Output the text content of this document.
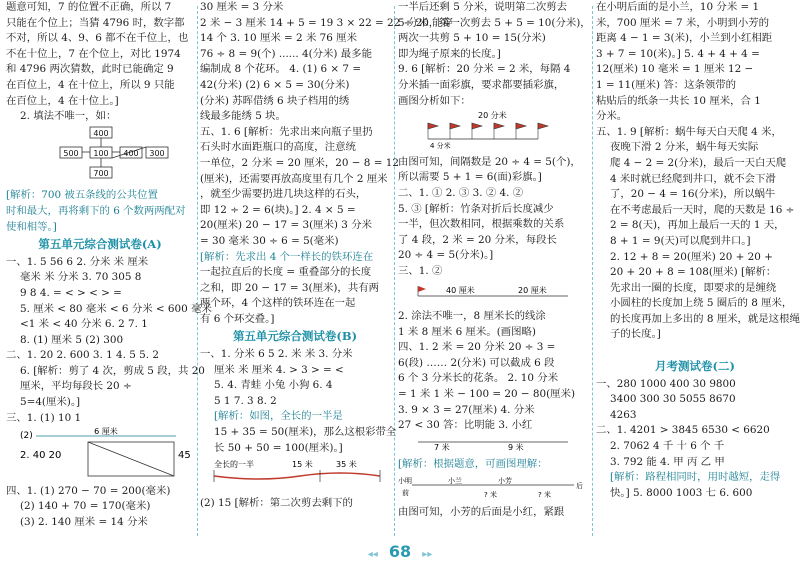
题意可知，7 的位置不正确，所以 7
只能在个位上；当猜 4796 时，数字都
不对，所以 4、9、6 都不在千位上，也
不在十位上，7 在个位上，对比 1974
和 4796 两次猜数，此时已能确定 9
在百位上，4 在十位上，所以 9 只能
在百位上，4 在十位上。]
2. 填法不唯一，如：
400
500 100 400 300
700
[解析：700 被五条线的公共位置
时和最大，再将剩下的 6 个数两两配对
使和相等。]
第五单元综合测试卷(A)
一、1. 5 56 6 2. 分米 米 厘米
毫米 米 分米 3. 70 305 8
9 8 4. = < > < > =
5. 厘米 < 80 毫米 < 6 分米 < 600 毫米
<1 米 < 40 分米 6. 2 7. 1
8. (1) 厘米 5 (2) 300
二、1. 20 2. 600 3. 1 4. 5 5. 2
6. [解析：剪了 4 次，剪成 5 段，共 20
厘米，平均每段长 20 ÷
5=4(厘米)。]
三、1. (1) 10 1
(2)	6 厘米
2. 40 20	45
四、1. (1) 270 − 70 = 200(毫米)
(2) 140 + 70 = 170(毫米)
(3) 2. 140 厘米 = 14 分米
30 厘米 = 3 分米
2 米 − 3 厘米 14 + 5 = 19 3 × 22 = 22 ÷ 20 能穿
14 个 3. 10 厘米 = 2 米 76 厘米
76 ÷ 8 = 9(个) ...... 4(分米) 最多能
编制成 8 个花环。 4. (1) 6 × 7 =
42(分米) (2) 6 × 5 = 30(分米)
(分米) 苏晖借绣 6 块子档用的绣
线最多能绣 5 块。
五、1. 6 [解析：先求出来向瓶子里扔
石头时水面距瓶口的高度，注意统
一单位，2 分米 = 20 厘米，20 − 8 = 12
(厘米)，还需要再放高度里有几个 2 厘米
，就至少需要扔进几块这样的石头，
即 12 ÷ 2 = 6(块)。] 2. 4 × 5 =
20(厘米) 20 − 17 = 3(厘米) 3 分米
= 30 毫米 30 ÷ 6 = 5(毫米)
[解析：先求出 4 个一样长的铁环连在
一起拉直后的长度 = 重叠部分的长度
之和，即 20 − 17 = 3(厘米)，共有两
两个环，4 个这样的铁环连在一起
有 6 个环交叠。]
第五单元综合测试卷(B)
一、1. 分米 6 5 2. 米 米 3. 分米
厘米 米 厘米 4. > 3 > = <
5. 4. 青蛙 小兔 小狗 6. 4
5 1 7. 3 8. 2
[解析：如图，全长的一半是
15 + 35 = 50(厘米)，那么这根彩带全
长 50 + 50 = 100(厘米)。]
全长的一半	15 米	35 米
(2) 15 [解析：第二次剪去剩下的
一半后还剩 5 分米，说明第二次剪去
5 分米，第一次剪去 5 + 5 = 10(分米)，
两次一共剪 5 + 10 = 15(分米)
即为绳子原来的长度。]
9. 6 [解析：20 分米 = 2 米，每隔 4
分米插一面彩旗，要求都要插彩旗，
画图分析如下：
20 分米
4 分米
由图可知，间隔数是 20 ÷ 4 = 5(个)，
所以需要 5 + 1 = 6(面)彩旗。]
二、1. ① 2. ③ 3. ② 4. ②
5. ③ [解析：竹条对折后长度减少
一半，但次数相同，根据乘数的关系
了 4 段，2 米 = 20 分米，每段长
20 ÷ 4 = 5(分米)。]
三、1. ②
40 厘米	20 厘米
2. 涂法不唯一，8 厘米长的线涂
1 米 8 厘米 6 厘米。(画图略)
四、1. 2 米 = 20 分米 20 ÷ 3 =
6(段) …… 2(分米) 可以截成 6 段
6 个 3 分米长的花条。 2. 10 分米
= 1 米 1 米 − 100 = 20 − 80(厘米)
3. 9 × 3 = 27(厘米) 4. 分米
27 < 30 答：比明能 3. 小红
7 米	9 米
[解析：根据题意，可画图理解：
小明	小兰	小芳
前
后
? 米	? 米
由图可知，小芳的后面是小红，紧跟
在小明后面的是小兰，10 分米 = 1
米，700 厘米 = 7 米，小明到小芳的
距离 4 − 1 = 3(米)，小兰到小红相距
3 + 7 = 10(米)。] 5. 4 + 4 + 4 =
12(厘米) 10 毫米 = 1 厘米 12 −
1 = 11(厘米) 答：这条领带的
粘贴后的纸条一共长 10 厘米，合 1
分米。
五、1. 9 [解析：蜗牛每天白天爬 4 米，
夜晚下滑 2 分米，蜗牛每天实际
爬 4 − 2 = 2(分米)，最后一天白天爬
4 米时就已经爬到井口，就不会下滑
了，20 − 4 = 16(分米)，所以蜗牛
在不考虑最后一天时，爬的天数是 16 ÷
2 = 8(天)，再加上最后一天的 1 天，
8 + 1 = 9(天)可以爬到井口。]
2. 12 + 8 = 20(厘米) 20 + 20 +
20 + 20 + 8 = 108(厘米) [解析：
先求出一圈的长度，即要求的是缠绕
小圆柱的长度加上绕 5 圈后的 8 厘米，
的长度再加上多出的 8 厘米，就是这根绳
子的长度。]
月考测试卷(二)
一、280 1000 400 30 9800
3400 300 30 5055 8670
4263
二、1. 4201 > 3845 6530 < 6620
2. 7062 4 千 十 6 个 千
3. 792 能 4. 甲 丙 乙 甲
[解析：路程相同时，用时越短，走得
快。] 5. 8000 1003 七 6. 600
◂◂ 68 ▸▸
